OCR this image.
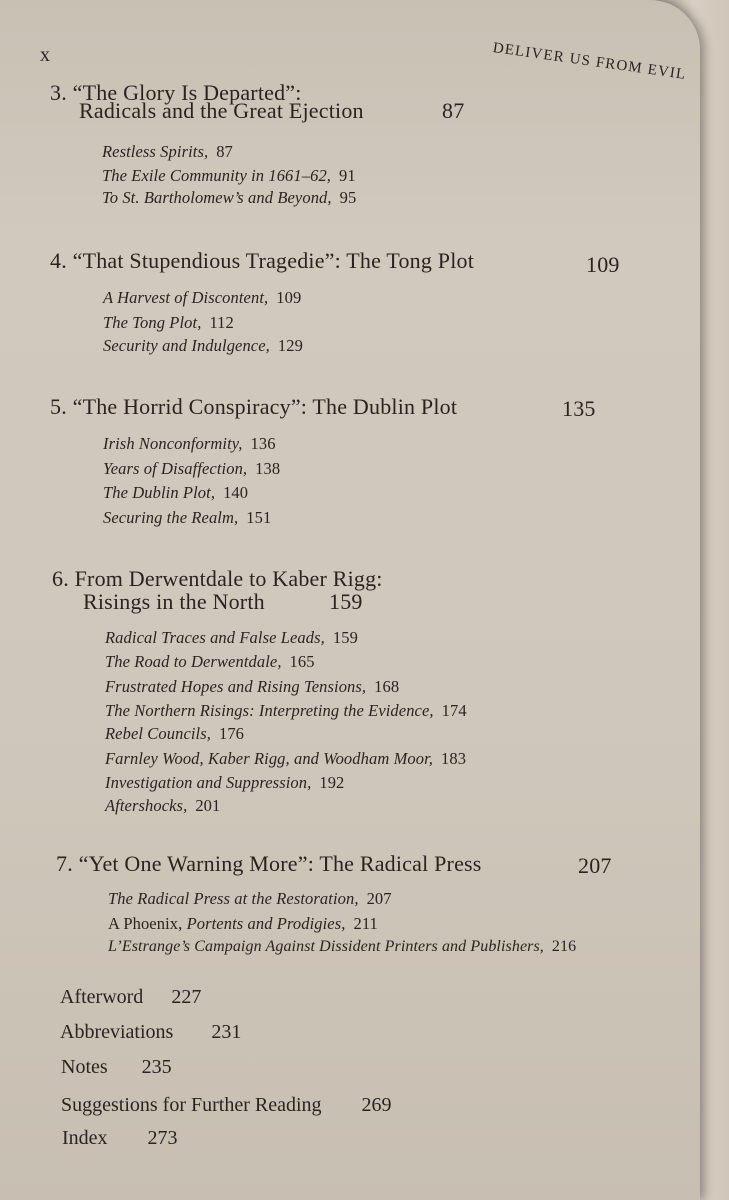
x	DELIVER US FROM EVIL
3. “The Glory Is Departed”:
Radicals and the Great Ejection	87
Restless Spirits, 87
The Exile Community in 1661–62, 91
To St. Bartholomew’s and Beyond, 95
4. “That Stupendious Tragedie”: The Tong Plot	109
A Harvest of Discontent, 109
The Tong Plot, 112
Security and Indulgence, 129
5. “The Horrid Conspiracy”: The Dublin Plot	135
Irish Nonconformity, 136
Years of Disaffection, 138
The Dublin Plot, 140
Securing the Realm, 151
6. From Derwentdale to Kaber Rigg:
Risings in the North	159
Radical Traces and False Leads, 159
The Road to Derwentdale, 165
Frustrated Hopes and Rising Tensions, 168
The Northern Risings: Interpreting the Evidence, 174
Rebel Councils, 176
Farnley Wood, Kaber Rigg, and Woodham Moor, 183
Investigation and Suppression, 192
Aftershocks, 201
7. “Yet One Warning More”: The Radical Press	207
The Radical Press at the Restoration, 207
A Phoenix, Portents and Prodigies, 211
L’Estrange’s Campaign Against Dissident Printers and Publishers, 216
Afterword 227
Abbreviations 231
Notes 235
Suggestions for Further Reading 269
Index 273
